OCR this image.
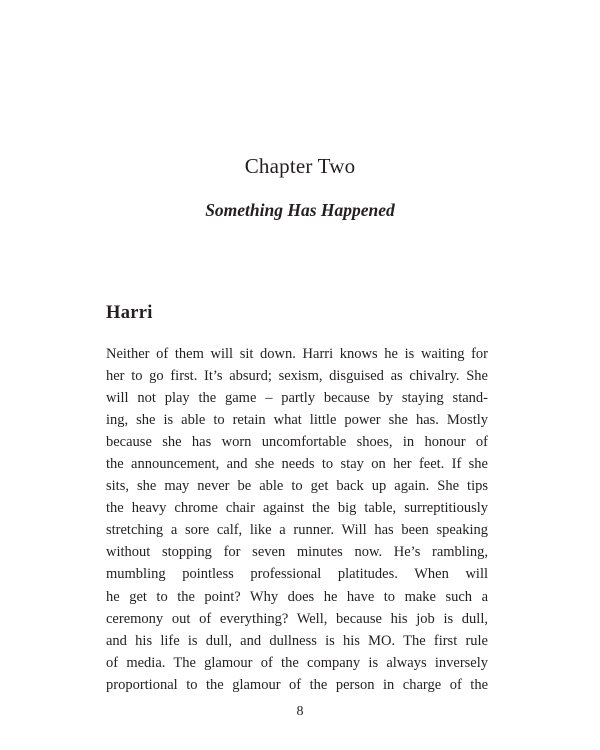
Chapter Two
Something Has Happened
Harri
Neither of them will sit down. Harri knows he is waiting for
her to go first. It’s absurd; sexism, disguised as chivalry. She
will not play the game – partly because by staying stand-
ing, she is able to retain what little power she has. Mostly
because she has worn uncomfortable shoes, in honour of
the announcement, and she needs to stay on her feet. If she
sits, she may never be able to get back up again. She tips
the heavy chrome chair against the big table, surreptitiously
stretching a sore calf, like a runner. Will has been speaking
without stopping for seven minutes now. He’s rambling,
mumbling pointless professional platitudes. When will
he get to the point? Why does he have to make such a
ceremony out of everything? Well, because his job is dull,
and his life is dull, and dullness is his MO. The first rule
of media. The glamour of the company is always inversely
proportional to the glamour of the person in charge of the
8
